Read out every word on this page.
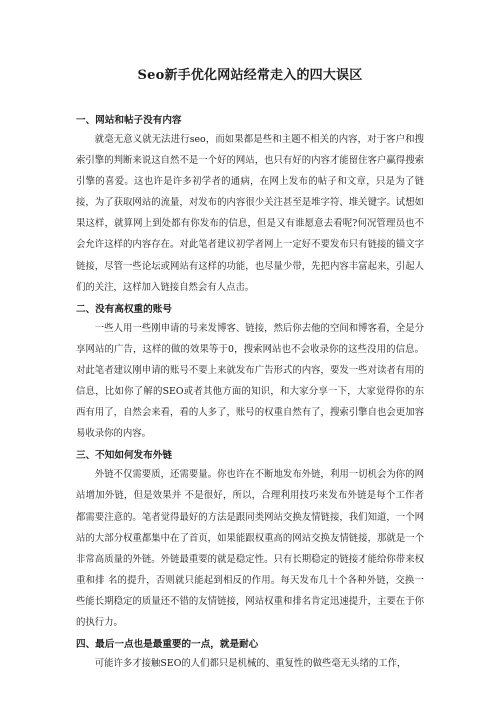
Seo新手优化网站经常走入的四大误区
一、网站和帖子没有内容

就毫无意义就无法进行seo，而如果都是些和主题不相关的内容，对于客户和搜索引擎的判断来说这自然不是一个好的网站，也只有好的内容才能留住客户赢得搜索引擎的喜爱。这也许是许多初学者的通病，在网上发布的帖子和文章，只是为了链接，为了获取网站的流量，对发布的内容很少关注甚至是堆字符、堆关键字。试想如果这样，就算网上到处都有你发布的信息，但是又有谁愿意去看呢?何况管理员也不会允许这样的内容存在。对此笔者建议初学者网上一定好不要发布只有链接的锚文字链接，尽管一些论坛或网站有这样的功能，也尽量少带，先把内容丰富起来，引起人们的关注，这样加入链接自然会有人点击。

二、没有高权重的账号

一些人用一些刚申请的号来发博客、链接，然后你去他的空间和博客看，全是分享网站的广告，这样的做的效果等于0，搜索网站也不会收录你的这些没用的信息。对此笔者建议刚申请的账号不要上来就发布广告形式的内容，要发一些对读者有用的信息，比如你了解的SEO或者其他方面的知识，和大家分享一下，大家觉得你的东西有用了，自然会来看，看的人多了，账号的权重自然有了，搜索引擎自也会更加容易收录你的内容。

三、不知如何发布外链

外链不仅需要质，还需要量。你也许在不断地发布外链，利用一切机会为你的网站增加外链，但是效果并 不是很好，所以，合理利用技巧来发布外链是每个工作者都需要注意的。笔者觉得最好的方法是跟同类网站交换友情链接，我们知道，一个网站的大部分权重都集中在了首页，如果能跟权重高的网站交换友情链接，那就是一个非常高质量的外链。外链最重要的就是稳定性。只有长期稳定的链接才能给你带来权重和排 名的提升，否则就只能起到相反的作用。每天发布几十个各种外链，交换一些能长期稳定的质量还不错的友情链接，网站权重和排名肯定迅速提升，主要在于你的执行力。

四、最后一点也是最重要的一点，就是耐心

可能许多才接触SEO的人们都只是机械的、重复性的做些毫无头绪的工作，
